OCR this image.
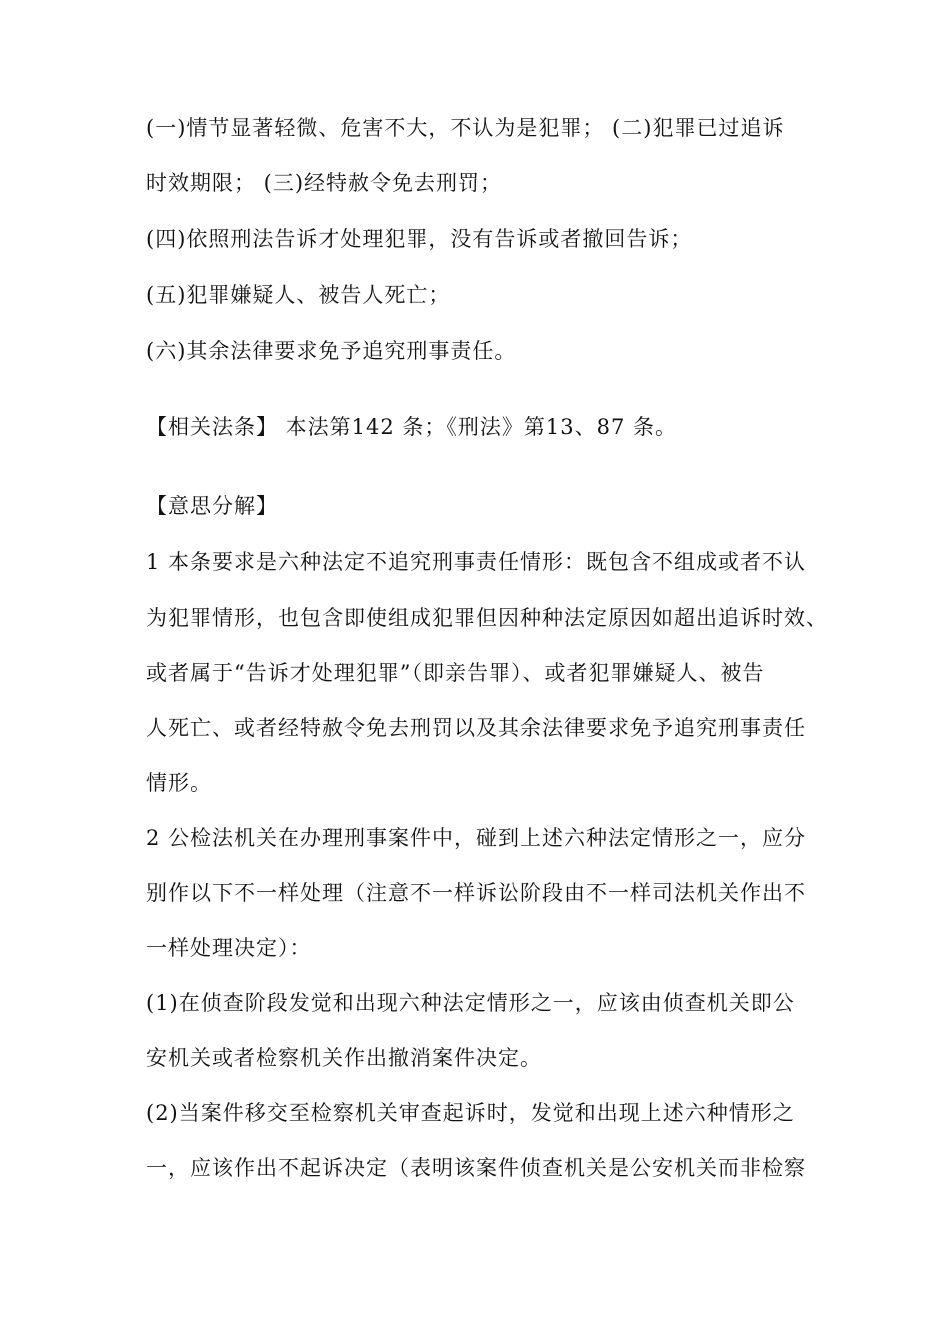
(一)情节显著轻微、危害不大，不认为是犯罪； (二)犯罪已过追诉
时效期限； (三)经特赦令免去刑罚；
(四)依照刑法告诉才处理犯罪，没有告诉或者撤回告诉；
(五)犯罪嫌疑人、被告人死亡；
(六)其余法律要求免予追究刑事责任。
【相关法条】 本法第142 条；《刑法》第13、87 条。
【意思分解】
1 本条要求是六种法定不追究刑事责任情形：既包含不组成或者不认
为犯罪情形，也包含即使组成犯罪但因种种法定原因如超出追诉时效、
或者属于“告诉才处理犯罪”（即亲告罪）、或者犯罪嫌疑人、被告
人死亡、或者经特赦令免去刑罚以及其余法律要求免予追究刑事责任
情形。
2 公检法机关在办理刑事案件中，碰到上述六种法定情形之一，应分
别作以下不一样处理（注意不一样诉讼阶段由不一样司法机关作出不
一样处理决定）：
(1)在侦查阶段发觉和出现六种法定情形之一，应该由侦查机关即公
安机关或者检察机关作出撤消案件决定。
(2)当案件移交至检察机关审查起诉时，发觉和出现上述六种情形之
一，应该作出不起诉决定（表明该案件侦查机关是公安机关而非检察
